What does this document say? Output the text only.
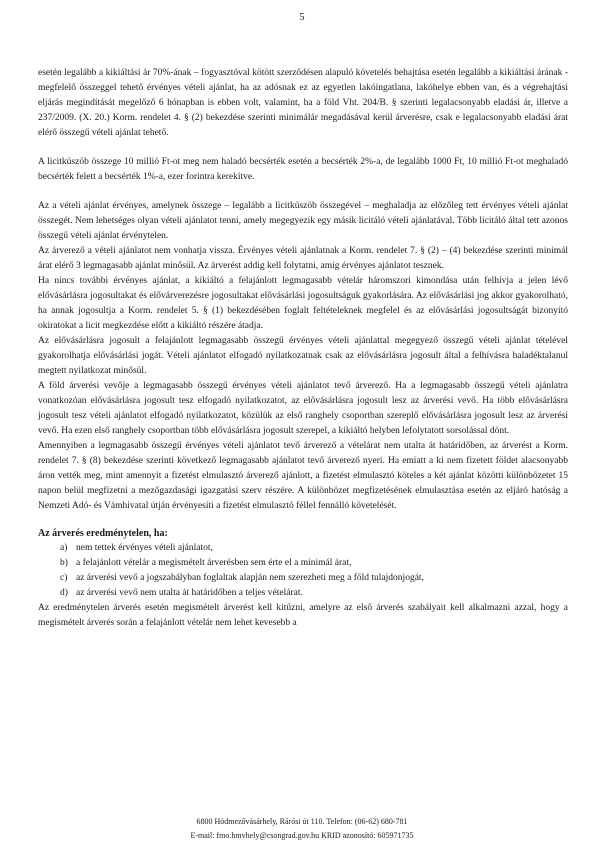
5

esetén legalább a kikiáltási ár 70%-ának – fogyasztóval kötött szerződésen alapuló követelés behajtása esetén legalább a kikiáltási árának - megfelelő összeggel tehető érvényes vételi ajánlat, ha az adósnak ez az egyetlen lakóingatlana, lakóhelye ebben van, és a végrehajtási eljárás megindítását megelőző 6 hónapban is ebben volt, valamint, ha a föld Vht. 204/B. § szerinti legalacsonyabb eladási ár, illetve a 237/2009. (X. 20.) Korm. rendelet 4. § (2) bekezdése szerinti minimálár megadásával kerül árverésre, csak e legalacsonyabb eladási árat elérő összegű vételi ajánlat tehető.

A licitküszöb összege 10 millió Ft-ot meg nem haladó becsérték esetén a becsérték 2%-a, de legalább 1000 Ft, 10 millió Ft-ot meghaladó becsérték felett a becsérték 1%-a, ezer forintra kerekítve.

Az a vételi ajánlat érvényes, amelynek összege – legalább a licitküszöb összegével – meghaladja az előzőleg tett érvényes vételi ajánlat összegét. Nem lehetséges olyan vételi ajánlatot tenni, amely megegyezik egy másik licitáló vételi ajánlatával. Több licitáló által tett azonos összegű vételi ajánlat érvénytelen.

Az árverező a vételi ajánlatot nem vonhatja vissza. Érvényes vételi ajánlatnak a Korm. rendelet 7. § (2) – (4) bekezdése szerinti minimál árat elérő 3 legmagasabb ajánlat minősül. Az árverést addig kell folytatni, amíg érvényes ajánlatot tesznek.

Ha nincs további érvényes ajánlat, a kikiáltó a felajánlott legmagasabb vételár háromszori kimondása után felhívja a jelen lévő elővásárlásra jogosultakat és elővárverezésre jogosultakat elővásárlási jogosultságuk gyakorlására. Az elővásárlási jog akkor gyakorolható, ha annak jogosultja a Korm. rendelet 5. § (1) bekezdésében foglalt feltételeknek megfelel és az elővásárlási jogosultságát bizonyító okiratokat a licit megkezdése előtt a kikiáltó részére átadja.

Az elővásárlásra jogosult a felajánlott legmagasabb összegű érvényes vételi ajánlattal megegyező összegű vételi ajánlat tételével gyakorolhatja elővásárlási jogát. Vételi ajánlatot elfogadó nyilatkozatnak csak az elővásárlásra jogosult által a felhívásra haladéktalanul megtett nyilatkozat minősül.

A föld árverési vevője a legmagasabb összegű érvényes vételi ajánlatot tevő árverező. Ha a legmagasabb összegű vételi ajánlatra vonatkozóan elővásárlásra jogosult tesz elfogadó nyilatkozatot, az elővásárlásra jogosult lesz az árverési vevő. Ha több elővásárlásra jogosult tesz vételi ajánlatot elfogadó nyilatkozatot, közülük az első ranghely csoportban szereplő elővásárlásra jogosult lesz az árverési vevő. Ha ezen első ranghely csoportban több elővásárlásra jogosult szerepel, a kikiáltó helyben lefolytatott sorsolással dönt.

Amennyiben a legmagasabb összegű érvényes vételi ajánlatot tevő árverező a vételárat nem utalta át határidőben, az árverést a Korm. rendelet 7. § (8) bekezdése szerinti következő legmagasabb ajánlatot tevő árverező nyeri. Ha emiatt a ki nem fizetett földet alacsonyabb áron vették meg, mint amennyit a fizetést elmulasztó árverező ajánlott, a fizetést elmulasztó köteles a két ajánlat közötti különbözetet 15 napon belül megfizetni a mezőgazdasági igazgatási szerv részére. A különbözet megfizetésének elmulasztása esetén az eljáró hatóság a Nemzeti Adó- és Vámhivatal útján érvényesíti a fizetést elmulasztó féllel fennálló követelését.

Az árverés eredménytelen, ha:

a) nem tettek érvényes vételi ajánlatot,
b) a felajánlott vételár a megismételt árverésben sem érte el a minimál árat,
c) az árverési vevő a jogszabályban foglaltak alapján nem szerezheti meg a föld tulajdonjogát,
d) az árverési vevő nem utalta át határidőben a teljes vételárat.

Az eredménytelen árverés esetén megismételt árverést kell kitűzni, amelyre az első árverés szabályait kell alkalmazni azzal, hogy a megismételt árverés során a felajánlott vételár nem lehet kevesebb a

6800 Hódmezővásárhely, Rárósi út 110. Telefon: (06-62) 680-781
E-mail: fmo.hmvhely@csongrad.gov.hu KRID azonosító: 605971735
